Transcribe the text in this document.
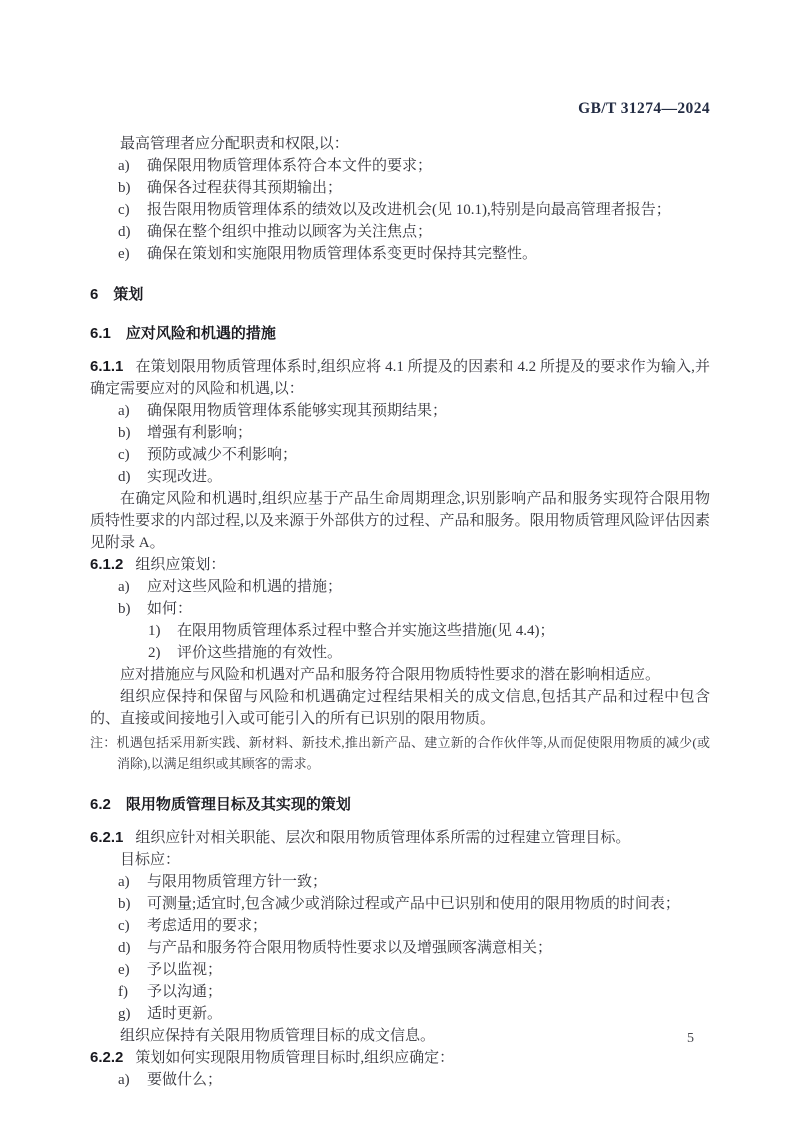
GB/T 31274—2024

最高管理者应分配职责和权限,以：

a)	确保限用物质管理体系符合本文件的要求；
b)	确保各过程获得其预期输出；
c)	报告限用物质管理体系的绩效以及改进机会(见 10.1),特别是向最高管理者报告；
d)	确保在整个组织中推动以顾客为关注焦点；
e)	确保在策划和实施限用物质管理体系变更时保持其完整性。
6 策划
6.1 应对风险和机遇的措施

6.1.1 在策划限用物质管理体系时,组织应将 4.1 所提及的因素和 4.2 所提及的要求作为输入,并确定需要应对的风险和机遇,以：

a)	确保限用物质管理体系能够实现其预期结果；
b)	增强有利影响；
c)	预防或减少不利影响；
d)	实现改进。

在确定风险和机遇时,组织应基于产品生命周期理念,识别影响产品和服务实现符合限用物质特性要求的内部过程,以及来源于外部供方的过程、产品和服务。限用物质管理风险评估因素见附录 A。

6.1.2 组织应策划：

a)	应对这些风险和机遇的措施；
b)	如何：
1)	在限用物质管理体系过程中整合并实施这些措施(见 4.4)；
2)	评价这些措施的有效性。

应对措施应与风险和机遇对产品和服务符合限用物质特性要求的潜在影响相适应。

组织应保持和保留与风险和机遇确定过程结果相关的成文信息,包括其产品和过程中包含的、直接或间接地引入或可能引入的所有已识别的限用物质。

注：机遇包括采用新实践、新材料、新技术,推出新产品、建立新的合作伙伴等,从而促使限用物质的减少(或消除),以满足组织或其顾客的需求。

6.2 限用物质管理目标及其实现的策划

6.2.1 组织应针对相关职能、层次和限用物质管理体系所需的过程建立管理目标。

目标应：

a)	与限用物质管理方针一致；
b)	可测量;适宜时,包含减少或消除过程或产品中已识别和使用的限用物质的时间表；
c)	考虑适用的要求；
d)	与产品和服务符合限用物质特性要求以及增强顾客满意相关；
e)	予以监视；
f)	予以沟通；
g)	适时更新。

组织应保持有关限用物质管理目标的成文信息。

6.2.2 策划如何实现限用物质管理目标时,组织应确定：

a)	要做什么；
5
